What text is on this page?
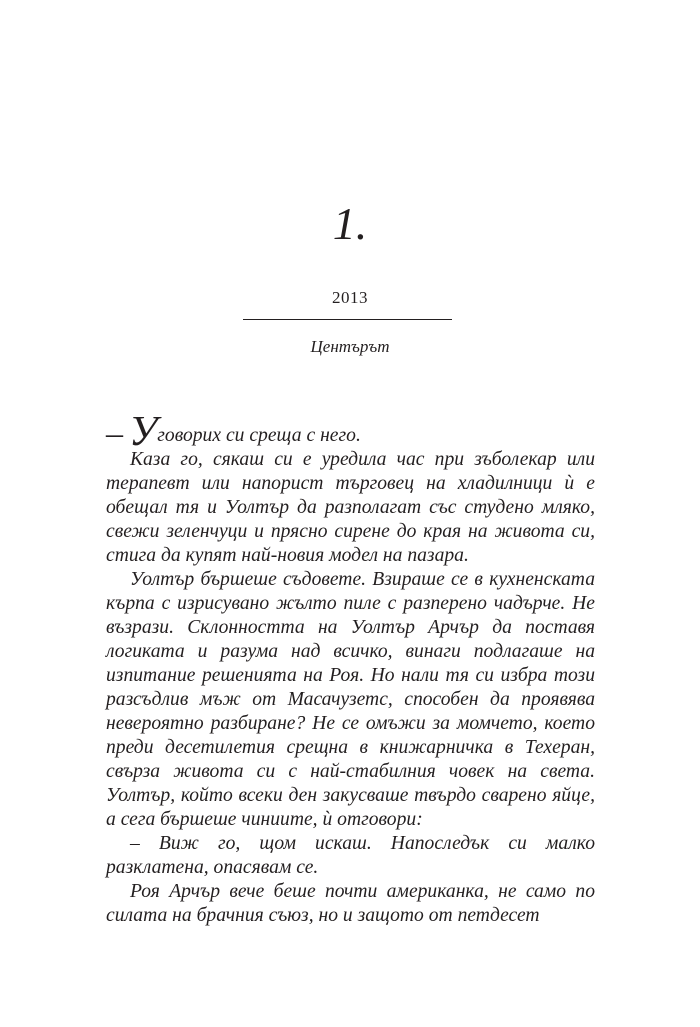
1.
2013
Центърът

– Уговорих си среща с него.

Каза го, сякаш си е уредила час при зъболекар или терапевт или напорист търговец на хладилници ѝ е обещал тя и Уолтър да разполагат със студено мляко, свежи зеленчуци и прясно сирене до края на живота си, стига да купят най-новия модел на пазара.

Уолтър бършеше съдовете. Взираше се в кухненската кърпа с изрисувано жълто пиле с разперено чадърче. Не възрази. Склонността на Уолтър Арчър да поставя логиката и разума над всичко, винаги подлагаше на изпитание решенията на Роя. Но нали тя си избра този разсъдлив мъж от Масачузетс, способен да проявява невероятно разбиране? Не се омъжи за момчето, което преди десетилетия срещна в книжарничка в Техеран, свърза живота си с най-стабилния човек на света. Уолтър, който всеки ден закусваше твърдо сварено яйце, а сега бършеше чиниите, ѝ отговори:

– Виж го, щом искаш. Напоследък си малко разклатена, опасявам се.

Роя Арчър вече беше почти американка, не само по силата на брачния съюз, но и защото от петдесет
